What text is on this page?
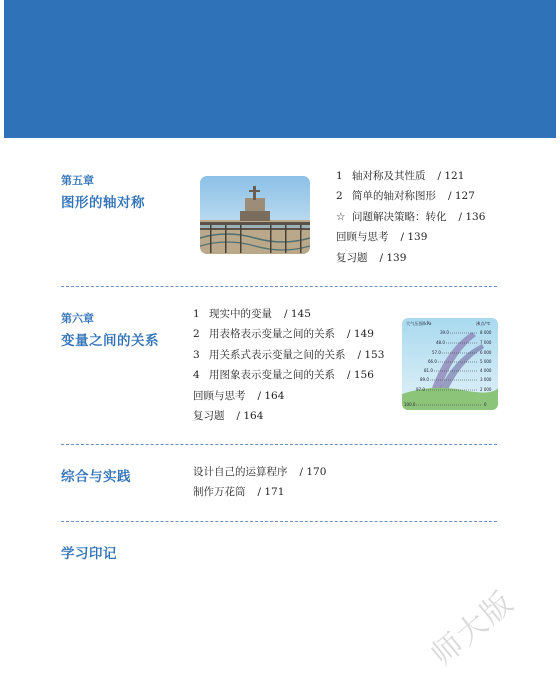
第五章
图形的轴对称
1 轴对称及其性质 / 121
2 简单的轴对称图形 / 127
☆ 问题解决策略：转化 / 136
回顾与思考 / 139
复习题 / 139
第六章
变量之间的关系
1 现实中的变量 / 145
2 用表格表示变量之间的关系 / 149
3 用关系式表示变量之间的关系 / 153
4 用图象表示变量之间的关系 / 156
回顾与思考 / 164
复习题 / 164
大气压强/kPa	沸点/℃
39.0
48.0
57.0
66.0
81.0
89.0
97.0
100.0
8 000
7 000
6 000
5 000
4 000
3 000
2 000
0
综合与实践	设计自己的运算程序 / 170
制作万花筒 / 171
学习印记
师大版
